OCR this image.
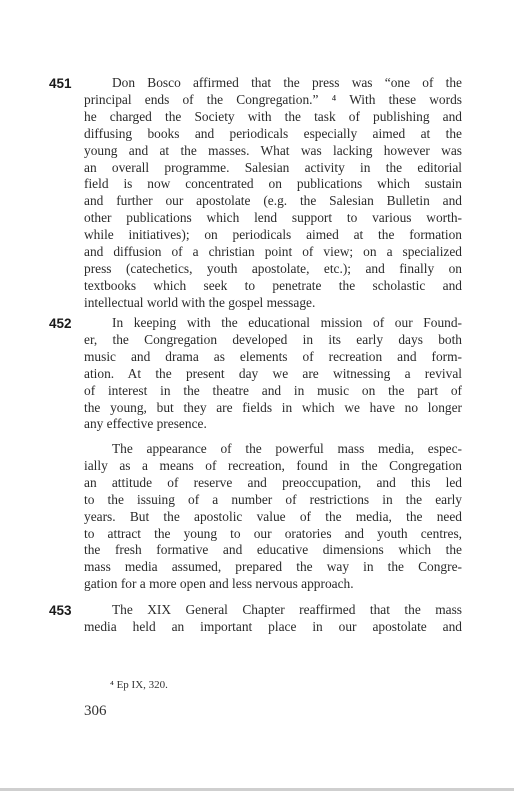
451	Don Bosco affirmed that the press was “one of the
principal ends of the Congregation.” ⁴ With these words
he charged the Society with the task of publishing and
diffusing books and periodicals especially aimed at the
young and at the masses. What was lacking however was
an overall programme. Salesian activity in the editorial
field is now concentrated on publications which sustain
and further our apostolate (e.g. the Salesian Bulletin and
other publications which lend support to various worth-
while initiatives); on periodicals aimed at the formation
and diffusion of a christian point of view; on a specialized
press (catechetics, youth apostolate, etc.); and finally on
textbooks which seek to penetrate the scholastic and
intellectual world with the gospel message.
452	In keeping with the educational mission of our Found-
er, the Congregation developed in its early days both
music and drama as elements of recreation and form-
ation. At the present day we are witnessing a revival
of interest in the theatre and in music on the part of
the young, but they are fields in which we have no longer
any effective presence.
The appearance of the powerful mass media, espec-
ially as a means of recreation, found in the Congregation
an attitude of reserve and preoccupation, and this led
to the issuing of a number of restrictions in the early
years. But the apostolic value of the media, the need
to attract the young to our oratories and youth centres,
the fresh formative and educative dimensions which the
mass media assumed, prepared the way in the Congre-
gation for a more open and less nervous approach.
453	The XIX General Chapter reaffirmed that the mass
media held an important place in our apostolate and
⁴ Ep IX, 320.
306
